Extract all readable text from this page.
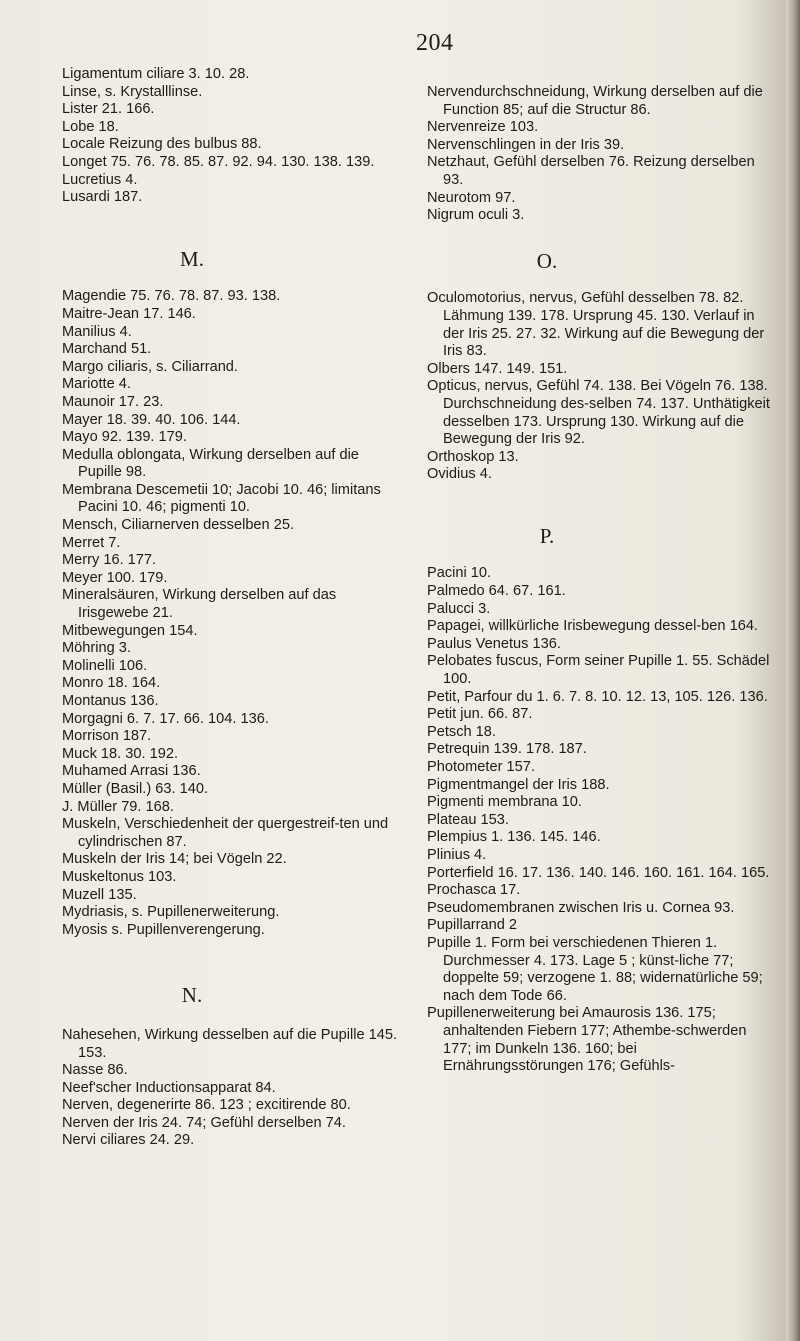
204

Ligamentum ciliare 3. 10. 28.

Linse, s. Krystalllinse.

Lister 21. 166.

Lobe 18.

Locale Reizung des bulbus 88.

Longet 75. 76. 78. 85. 87. 92. 94. 130. 138. 139.

Lucretius 4.

Lusardi 187.

M.

Magendie 75. 76. 78. 87. 93. 138.

Maitre-Jean 17. 146.

Manilius 4.

Marchand 51.

Margo ciliaris, s. Ciliarrand.

Mariotte 4.

Maunoir 17. 23.

Mayer 18. 39. 40. 106. 144.

Mayo 92. 139. 179.

Medulla oblongata, Wirkung derselben auf die Pupille 98.

Membrana Descemetii 10; Jacobi 10. 46; limitans Pacini 10. 46; pigmenti 10.

Mensch, Ciliarnerven desselben 25.

Merret 7.

Merry 16. 177.

Meyer 100. 179.

Mineralsäuren, Wirkung derselben auf das Irisgewebe 21.

Mitbewegungen 154.

Möhring 3.

Molinelli 106.

Monro 18. 164.

Montanus 136.

Morgagni 6. 7. 17. 66. 104. 136.

Morrison 187.

Muck 18. 30. 192.

Muhamed Arrasi 136.

Müller (Basil.) 63. 140.

J. Müller 79. 168.

Muskeln, Verschiedenheit der quergestreif-ten und cylindrischen 87.

Muskeln der Iris 14; bei Vögeln 22.

Muskeltonus 103.

Muzell 135.

Mydriasis, s. Pupillenerweiterung.

Myosis s. Pupillenverengerung.

N.

Nahesehen, Wirkung desselben auf die Pupille 145. 153.

Nasse 86.

Neef'scher Inductionsapparat 84.

Nerven, degenerirte 86. 123 ; excitirende 80.

Nerven der Iris 24. 74; Gefühl derselben 74.

Nervi ciliares 24. 29.

Nervendurchschneidung, Wirkung derselben auf die Function 85; auf die Structur 86.

Nervenreize 103.

Nervenschlingen in der Iris 39.

Netzhaut, Gefühl derselben 76. Reizung derselben 93.

Neurotom 97.

Nigrum oculi 3.

O.

Oculomotorius, nervus, Gefühl desselben 78. 82. Lähmung 139. 178. Ursprung 45. 130. Verlauf in der Iris 25. 27. 32. Wirkung auf die Bewegung der Iris 83.

Olbers 147. 149. 151.

Opticus, nervus, Gefühl 74. 138. Bei Vögeln 76. 138. Durchschneidung des-selben 74. 137. Unthätigkeit desselben 173. Ursprung 130. Wirkung auf die Bewegung der Iris 92.

Orthoskop 13.

Ovidius 4.

P.

Pacini 10.

Palmedo 64. 67. 161.

Palucci 3.

Papagei, willkürliche Irisbewegung dessel-ben 164.

Paulus Venetus 136.

Pelobates fuscus, Form seiner Pupille 1. 55. Schädel 100.

Petit, Parfour du 1. 6. 7. 8. 10. 12. 13, 105. 126. 136.

Petit jun. 66. 87.

Petsch 18.

Petrequin 139. 178. 187.

Photometer 157.

Pigmentmangel der Iris 188.

Pigmenti membrana 10.

Plateau 153.

Plempius 1. 136. 145. 146.

Plinius 4.

Porterfield 16. 17. 136. 140. 146. 160. 161. 164. 165.

Prochasca 17.

Pseudomembranen zwischen Iris u. Cornea 93.

Pupillarrand 2

Pupille 1. Form bei verschiedenen Thieren 1. Durchmesser 4. 173. Lage 5 ; künst-liche 77; doppelte 59; verzogene 1. 88; widernatürliche 59; nach dem Tode 66.

Pupillenerweiterung bei Amaurosis 136. 175; anhaltenden Fiebern 177; Athembe-schwerden 177; im Dunkeln 136. 160; bei Ernährungsstörungen 176; Gefühls-
